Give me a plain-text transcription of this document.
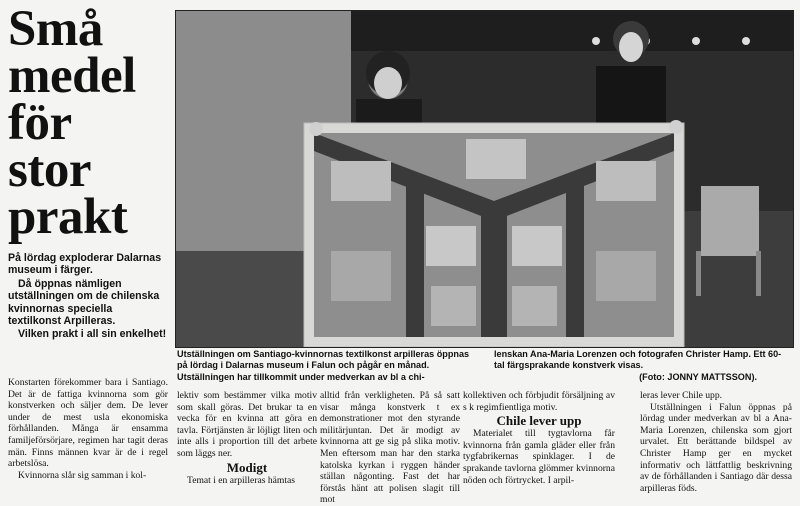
Små
medel
för
stor
prakt

På lördag exploderar Dalarnas museum i färger.

Då öppnas nämligen utställningen om de chilenska kvinnornas speciella textilkonst Arpilleras.

Vilken prakt i all sin enkelhet!

Konstarten förekommer bara i Santiago. Det är de fattiga kvinnorna som gör konstverken och säljer dem. De lever under de mest usla ekonomiska förhållanden. Många är ensamma familjeförsörjare, regimen har tagit deras män. Finns männen kvar är de i regel arbetslösa.

Kvinnorna slår sig samman i kol-

Utställningen om Santiago-kvinnornas textilkonst arpilleras öppnas på lördag i Dalarnas museum i Falun och pågår en månad. Utställningen har tillkommit under medverkan av bl a chi-
lenskan Ana-Maria Lorenzen och fotografen Christer Hamp. Ett 60-tal färgsprakande konstverk visas.
(Foto: JONNY MATTSSON).

lektiv som bestämmer vilka motiv som skall göras. Det brukar ta en vecka för en kvinna att göra en tavla. Förtjänsten är löjligt liten och inte alls i proportion till det arbete som läggs ner.

Modigt

Temat i en arpilleras hämtas

alltid från verkligheten. På så satt visar många konstverk t ex demonstrationer mot den styrande militärjuntan. Det är modigt av kvinnorna att ge sig på slika motiv. Men eftersom man har den starka katolska kyrkan i ryggen händer ställan någonting. Fast det har förstås hänt att polisen slagit till mot

kollektiven och förbjudit försäljning av s k regimfientliga motiv.

Chile lever upp

Materialet till tygtavlorna får kvinnorna från gamla gläder eller från tygfabrikernas spinklager. I de sprakande tavlorna glömmer kvinnorna nöden och förtrycket. I arpil-

leras lever Chile upp.

Utställningen i Falun öppnas på lördag under medverkan av bl a Ana-Maria Lorenzen, chilenska som gjort urvalet. Ett berättande bildspel av Christer Hamp ger en mycket informativ och lättfattlig beskrivning av de förhållanden i Santiago där dessa arpilleras föds.
